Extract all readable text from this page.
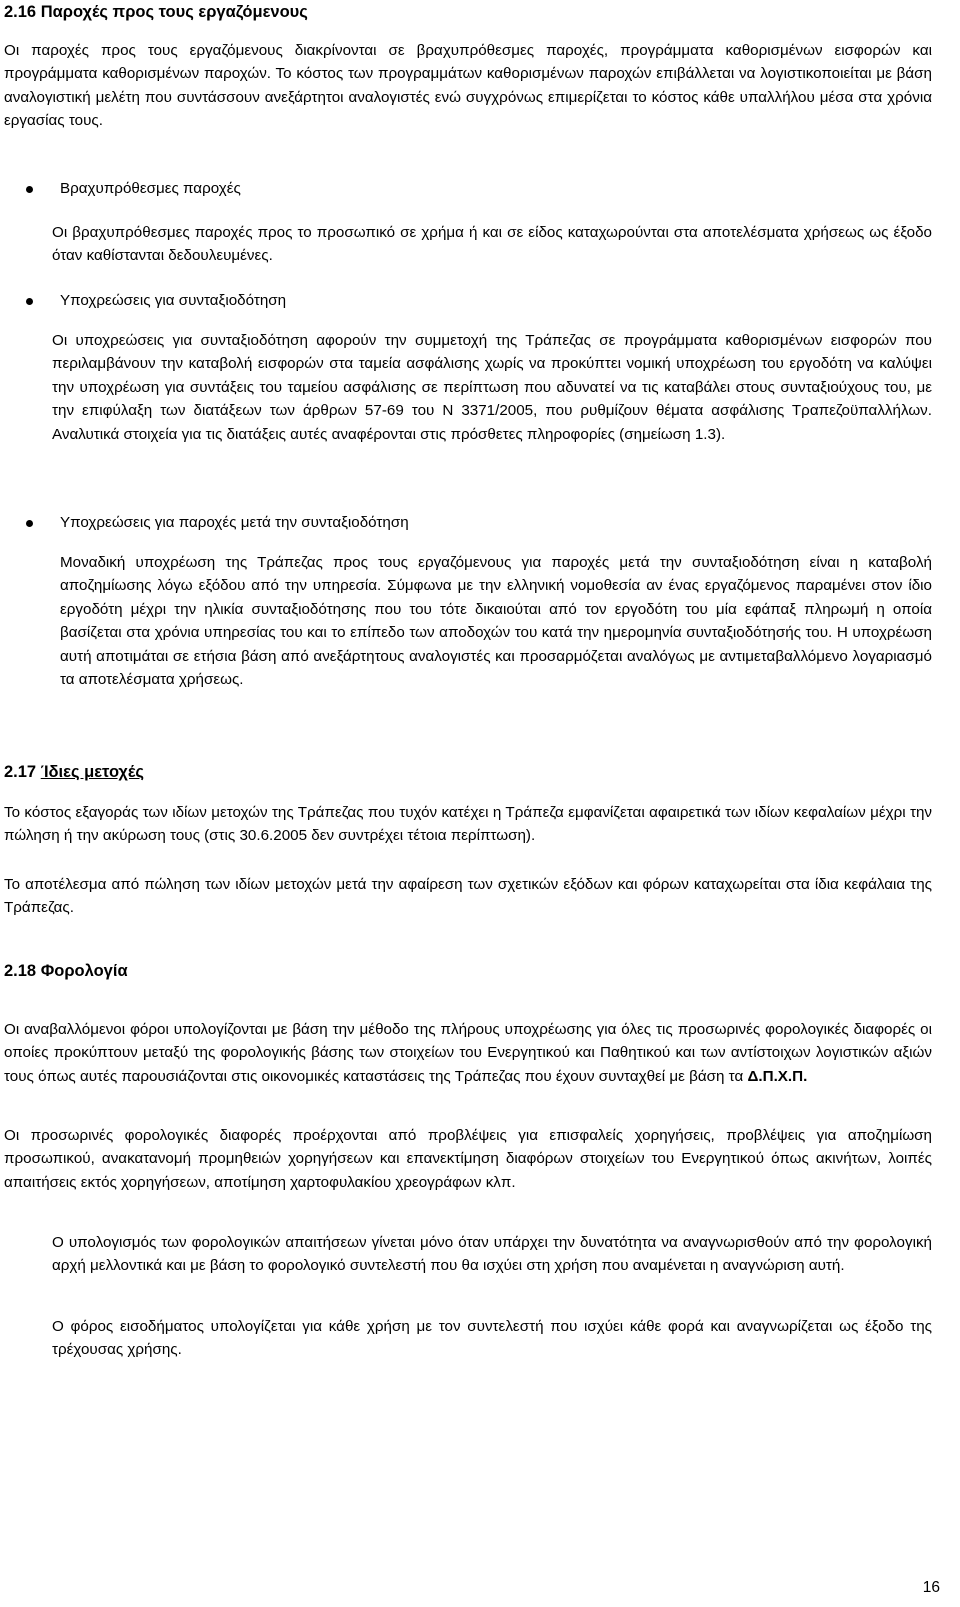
2.16 Παροχές προς τους εργαζόμενους

Οι παροχές προς τους εργαζόμενους διακρίνονται σε βραχυπρόθεσμες παροχές, προγράμματα καθορισμένων εισφορών και προγράμματα καθορισμένων παροχών. Το κόστος των προγραμμάτων καθορισμένων παροχών επιβάλλεται να λογιστικοποιείται με βάση αναλογιστική μελέτη που συντάσσουν ανεξάρτητοι αναλογιστές ενώ συγχρόνως επιμερίζεται το κόστος κάθε υπαλλήλου μέσα στα χρόνια εργασίας τους.

Βραχυπρόθεσμες παροχές

Οι βραχυπρόθεσμες παροχές προς το προσωπικό σε χρήμα ή και σε είδος καταχωρούνται στα αποτελέσματα χρήσεως ως έξοδο όταν καθίστανται δεδουλευμένες.

Υποχρεώσεις για συνταξιοδότηση

Οι υποχρεώσεις για συνταξιοδότηση αφορούν την συμμετοχή της Τράπεζας σε προγράμματα καθορισμένων εισφορών που περιλαμβάνουν την καταβολή εισφορών στα ταμεία ασφάλισης χωρίς να προκύπτει νομική υποχρέωση του εργοδότη να καλύψει την υποχρέωση για συντάξεις του ταμείου ασφάλισης σε περίπτωση που αδυνατεί να τις καταβάλει στους συνταξιούχους του, με την επιφύλαξη των διατάξεων των άρθρων 57-69 του Ν 3371/2005, που ρυθμίζουν θέματα ασφάλισης Τραπεζοϋπαλλήλων. Αναλυτικά στοιχεία για τις διατάξεις αυτές αναφέρονται στις πρόσθετες πληροφορίες (σημείωση 1.3).

Υποχρεώσεις για παροχές μετά την συνταξιοδότηση

Μοναδική υποχρέωση της Τράπεζας προς τους εργαζόμενους για παροχές μετά την συνταξιοδότηση είναι η καταβολή αποζημίωσης λόγω εξόδου από την υπηρεσία. Σύμφωνα με την ελληνική νομοθεσία αν ένας εργαζόμενος παραμένει στον ίδιο εργοδότη μέχρι την ηλικία συνταξιοδότησης που του τότε δικαιούται από τον εργοδότη του μία εφάπαξ πληρωμή η οποία βασίζεται στα χρόνια υπηρεσίας του και το επίπεδο των αποδοχών του κατά την ημερομηνία συνταξιοδότησής του. Η υποχρέωση αυτή αποτιμάται σε ετήσια βάση από ανεξάρτητους αναλογιστές και προσαρμόζεται αναλόγως με αντιμεταβαλλόμενο λογαριασμό τα αποτελέσματα χρήσεως.

2.17 Ίδιες μετοχές

Το κόστος εξαγοράς των ιδίων μετοχών της Τράπεζας που τυχόν κατέχει η Τράπεζα εμφανίζεται αφαιρετικά των ιδίων κεφαλαίων μέχρι την πώληση ή την ακύρωση τους (στις 30.6.2005 δεν συντρέχει τέτοια περίπτωση).

Το αποτέλεσμα από πώληση των ιδίων μετοχών μετά την αφαίρεση των σχετικών εξόδων και φόρων καταχωρείται στα ίδια κεφάλαια της Τράπεζας.

2.18 Φορολογία

Οι αναβαλλόμενοι φόροι υπολογίζονται με βάση την μέθοδο της πλήρους υποχρέωσης για όλες τις προσωρινές φορολογικές διαφορές οι οποίες προκύπτουν μεταξύ της φορολογικής βάσης των στοιχείων του Ενεργητικού και Παθητικού και των αντίστοιχων λογιστικών αξιών τους όπως αυτές παρουσιάζονται στις οικονομικές καταστάσεις της Τράπεζας που έχουν συνταχθεί με βάση τα Δ.Π.Χ.Π.

Οι προσωρινές φορολογικές διαφορές προέρχονται από προβλέψεις για επισφαλείς χορηγήσεις, προβλέψεις για αποζημίωση προσωπικού, ανακατανομή προμηθειών χορηγήσεων και επανεκτίμηση διαφόρων στοιχείων του Ενεργητικού όπως ακινήτων, λοιπές απαιτήσεις εκτός χορηγήσεων, αποτίμηση χαρτοφυλακίου χρεογράφων κλπ.

Ο υπολογισμός των φορολογικών απαιτήσεων γίνεται μόνο όταν υπάρχει την δυνατότητα να αναγνωρισθούν από την φορολογική αρχή μελλοντικά και με βάση το φορολογικό συντελεστή που θα ισχύει στη χρήση που αναμένεται η αναγνώριση αυτή.

Ο φόρος εισοδήματος υπολογίζεται για κάθε χρήση με τον συντελεστή που ισχύει κάθε φορά και αναγνωρίζεται ως έξοδο της τρέχουσας χρήσης.

16
